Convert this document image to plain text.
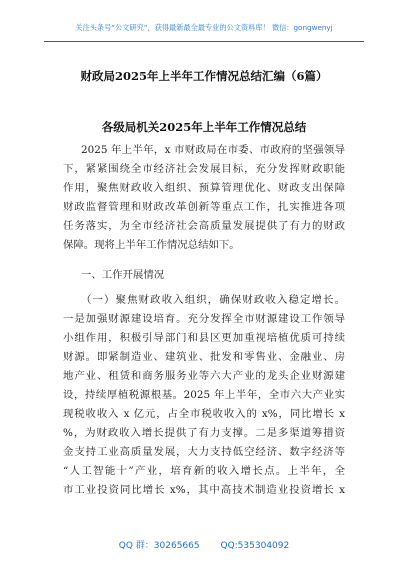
关注头条号“公文研究”，获得最新最全最专业的公文资料库！ 微信：gongwenyj
财政局2025年上半年工作情况总结汇编（6篇）
各级局机关2025年上半年工作情况总结
2025 年上半年，x 市财政局在市委、市政府的坚强领导
下，紧紧围绕全市经济社会发展目标，充分发挥财政职能
作用，聚焦财政收入组织、预算管理优化、财政支出保障
财政监督管理和财政改革创新等重点工作，扎实推进各项
任务落实，为全市经济社会高质量发展提供了有力的财政
保障。现将上半年工作情况总结如下。
一、工作开展情况
（一）聚焦财政收入组织，确保财政收入稳定增长。
一是加强财源建设培育。充分发挥全市财源建设工作领导
小组作用，积极引导部门和县区更加重视培植优质可持续
财源。即紧制造业、建筑业、批发和零售业、金融业、房
地产业、租赁和商务服务业等六大产业的龙头企业财源建
设，持续厚植税源根基。2025 年上半年，全市六大产业实
现税收收入 x 亿元，占全市税收收入的 x%，同比增长 x
%，为财政收入增长提供了有力支撑。二是多渠道筹措资
金支持工业高质量发展，大力支持低空经济、数字经济等
“人工智能十”产业，培育新的收入增长点。上半年，全
市工业投资同比增长 x%，其中高技术制造业投资增长 x
QQ 群：30265665 QQ:535304092
